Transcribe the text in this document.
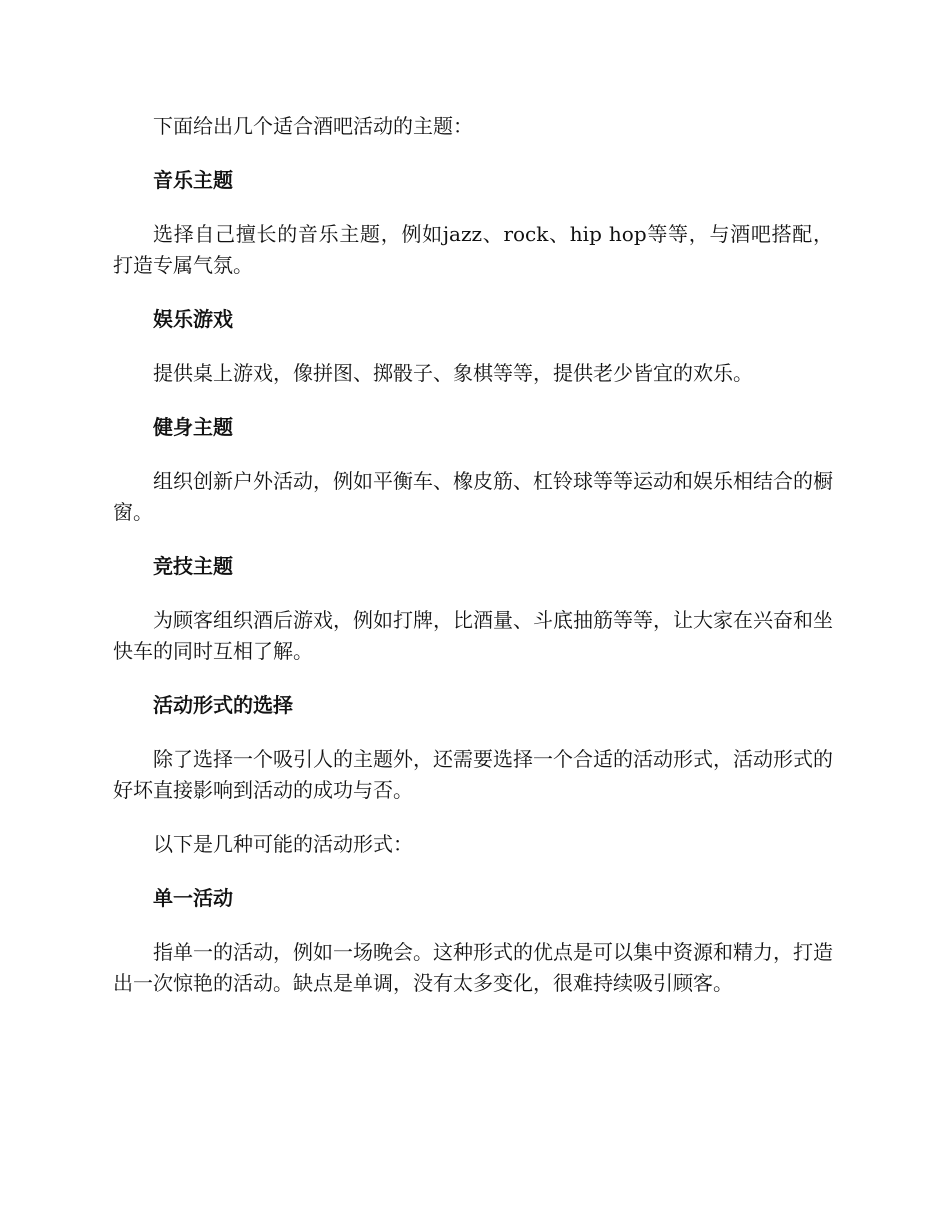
下面给出几个适合酒吧活动的主题：

音乐主题

选择自己擅长的音乐主题，例如jazz、rock、hip hop等等，与酒吧搭配，打造专属气氛。

娱乐游戏

提供桌上游戏，像拼图、掷骰子、象棋等等，提供老少皆宜的欢乐。

健身主题

组织创新户外活动，例如平衡车、橡皮筋、杠铃球等等运动和娱乐相结合的橱窗。

竞技主题

为顾客组织酒后游戏，例如打牌，比酒量、斗底抽筋等等，让大家在兴奋和坐快车的同时互相了解。

活动形式的选择

除了选择一个吸引人的主题外，还需要选择一个合适的活动形式，活动形式的好坏直接影响到活动的成功与否。

以下是几种可能的活动形式：

单一活动

指单一的活动，例如一场晚会。这种形式的优点是可以集中资源和精力，打造出一次惊艳的活动。缺点是单调，没有太多变化，很难持续吸引顾客。
